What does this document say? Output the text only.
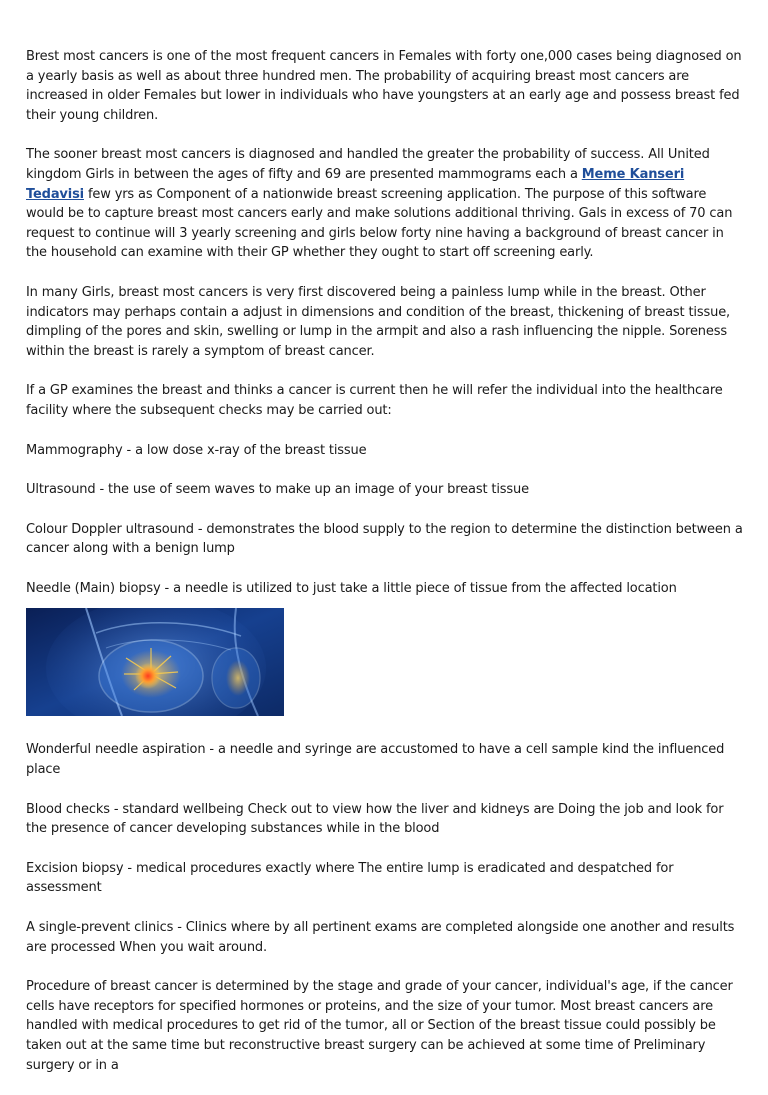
Brest most cancers is one of the most frequent cancers in Females with forty one,000 cases being diagnosed on a yearly basis as well as about three hundred men. The probability of acquiring breast most cancers are increased in older Females but lower in individuals who have youngsters at an early age and possess breast fed their young children.

The sooner breast most cancers is diagnosed and handled the greater the probability of success. All United kingdom Girls in between the ages of fifty and 69 are presented mammograms each a Meme Kanseri Tedavisi few yrs as Component of a nationwide breast screening application. The purpose of this software would be to capture breast most cancers early and make solutions additional thriving. Gals in excess of 70 can request to continue will 3 yearly screening and girls below forty nine having a background of breast cancer in the household can examine with their GP whether they ought to start off screening early.

In many Girls, breast most cancers is very first discovered being a painless lump while in the breast. Other indicators may perhaps contain a adjust in dimensions and condition of the breast, thickening of breast tissue, dimpling of the pores and skin, swelling or lump in the armpit and also a rash influencing the nipple. Soreness within the breast is rarely a symptom of breast cancer.

If a GP examines the breast and thinks a cancer is current then he will refer the individual into the healthcare facility where the subsequent checks may be carried out:

Mammography - a low dose x-ray of the breast tissue

Ultrasound - the use of seem waves to make up an image of your breast tissue

Colour Doppler ultrasound - demonstrates the blood supply to the region to determine the distinction between a cancer along with a benign lump

Needle (Main) biopsy - a needle is utilized to just take a little piece of tissue from the affected location

Wonderful needle aspiration - a needle and syringe are accustomed to have a cell sample kind the influenced place

Blood checks - standard wellbeing Check out to view how the liver and kidneys are Doing the job and look for the presence of cancer developing substances while in the blood

Excision biopsy - medical procedures exactly where The entire lump is eradicated and despatched for assessment

A single-prevent clinics - Clinics where by all pertinent exams are completed alongside one another and results are processed When you wait around.

Procedure of breast cancer is determined by the stage and grade of your cancer, individual's age, if the cancer cells have receptors for specified hormones or proteins, and the size of your tumor. Most breast cancers are handled with medical procedures to get rid of the tumor, all or Section of the breast tissue could possibly be taken out at the same time but reconstructive breast surgery can be achieved at some time of Preliminary surgery or in a
